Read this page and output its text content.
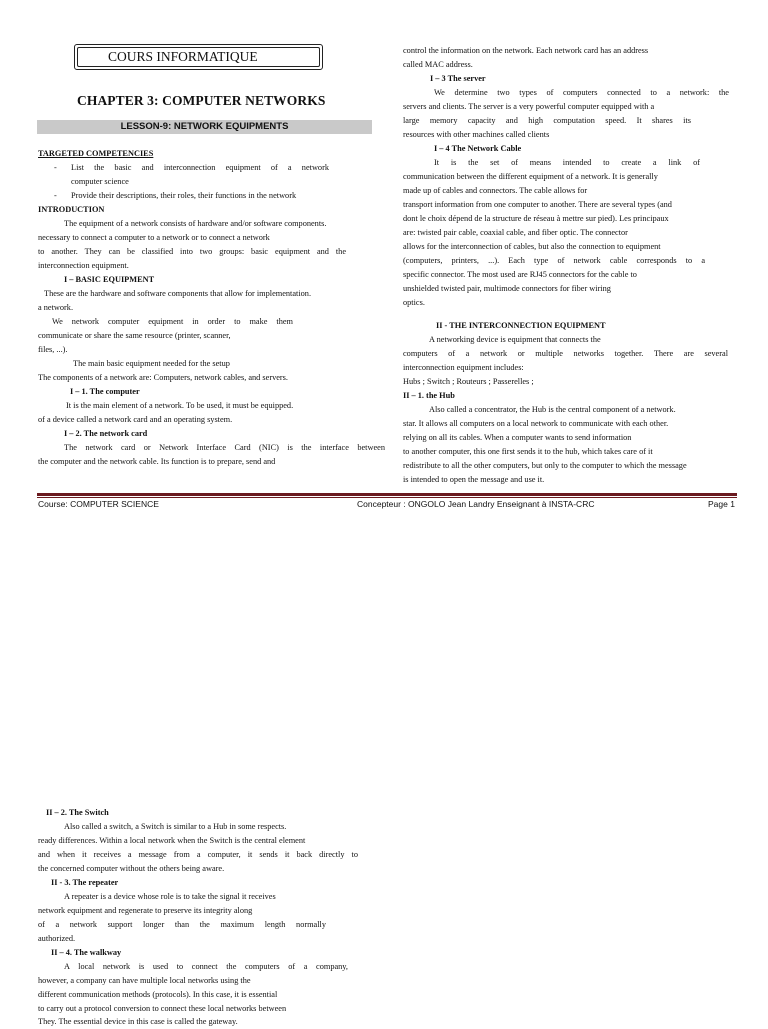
COURS INFORMATIQUE
CHAPTER 3: COMPUTER NETWORKS
LESSON-9: NETWORK EQUIPMENTS
TARGETED COMPETENCIES
- List the basic and interconnection equipment of a network
computer science
- Provide their descriptions, their roles, their functions in the network
INTRODUCTION
The equipment of a network consists of hardware and/or software components.
necessary to connect a computer to a network or to connect a network
to another. They can be classified into two groups: basic equipment and the
interconnection equipment.
I – BASIC EQUIPMENT
These are the hardware and software components that allow for implementation.
a network.
We network computer equipment in order to make them
communicate or share the same resource (printer, scanner,
files, ...).
The main basic equipment needed for the setup
The components of a network are: Computers, network cables, and servers.
I – 1. The computer
It is the main element of a network. To be used, it must be equipped.
of a device called a network card and an operating system.
I – 2. The network card
The network card or Network Interface Card (NIC) is the interface between
the computer and the network cable. Its function is to prepare, send and
control the information on the network. Each network card has an address
called MAC address.
I – 3 The server
We determine two types of computers connected to a network: the
servers and clients. The server is a very powerful computer equipped with a
large memory capacity and high computation speed. It shares its
resources with other machines called clients
I – 4 The Network Cable
It is the set of means intended to create a link of
communication between the different equipment of a network. It is generally
made up of cables and connectors. The cable allows for
transport information from one computer to another. There are several types (and
dont le choix dépend de la structure de réseau à mettre sur pied). Les principaux
are: twisted pair cable, coaxial cable, and fiber optic. The connector
allows for the interconnection of cables, but also the connection to equipment
(computers, printers, ...). Each type of network cable corresponds to a
specific connector. The most used are RJ45 connectors for the cable to
unshielded twisted pair, multimode connectors for fiber wiring
optics.
II - THE INTERCONNECTION EQUIPMENT
A networking device is equipment that connects the
computers of a network or multiple networks together. There are several
interconnection equipment includes:
Hubs ; Switch ; Routeurs ; Passerelles ;
II – 1. the Hub
Also called a concentrator, the Hub is the central component of a network.
star. It allows all computers on a local network to communicate with each other.
relying on all its cables. When a computer wants to send information
to another computer, this one first sends it to the hub, which takes care of it
redistribute to all the other computers, but only to the computer to which the message
is intended to open the message and use it.
Course: COMPUTER SCIENCE	Concepteur : ONGOLO Jean Landry Enseignant à INSTA-CRC	Page 1
II – 2. The Switch
Also called a switch, a Switch is similar to a Hub in some respects.
ready differences. Within a local network when the Switch is the central element
and when it receives a message from a computer, it sends it back directly to
the concerned computer without the others being aware.
II - 3. The repeater
A repeater is a device whose role is to take the signal it receives
network equipment and regenerate to preserve its integrity along
of a network support longer than the maximum length normally
authorized.
II – 4. The walkway
A local network is used to connect the computers of a company,
however, a company can have multiple local networks using the
different communication methods (protocols). In this case, it is essential
to carry out a protocol conversion to connect these local networks between
They. The essential device in this case is called the gateway.
